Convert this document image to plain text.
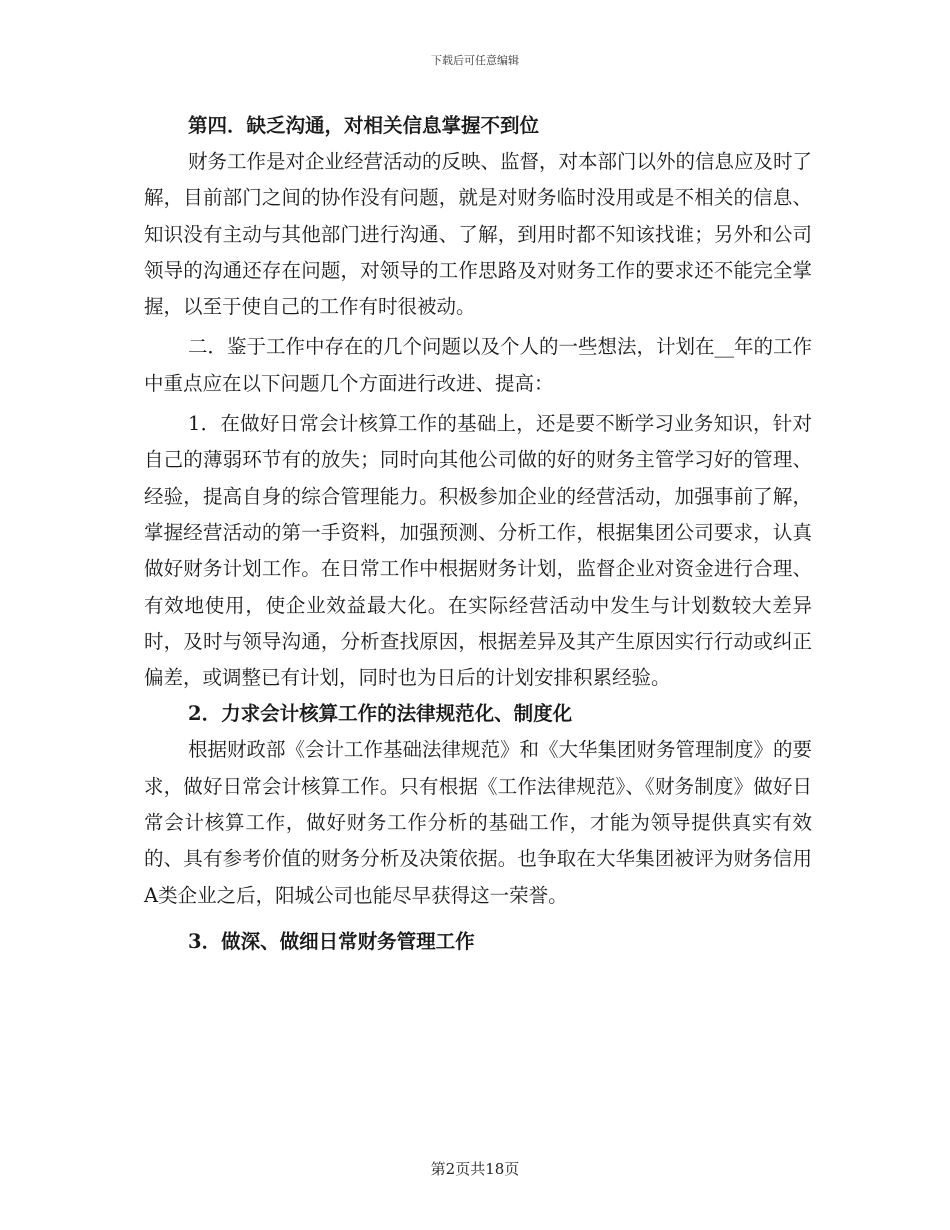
下载后可任意编辑
第四．缺乏沟通，对相关信息掌握不到位

财务工作是对企业经营活动的反映、监督，对本部门以外的信息应及时了解，目前部门之间的协作没有问题，就是对财务临时没用或是不相关的信息、知识没有主动与其他部门进行沟通、了解，到用时都不知该找谁；另外和公司领导的沟通还存在问题，对领导的工作思路及对财务工作的要求还不能完全掌握，以至于使自己的工作有时很被动。

二．鉴于工作中存在的几个问题以及个人的一些想法，计划在__年的工作中重点应在以下问题几个方面进行改进、提高：

1．在做好日常会计核算工作的基础上，还是要不断学习业务知识，针对自己的薄弱环节有的放失；同时向其他公司做的好的财务主管学习好的管理、经验，提高自身的综合管理能力。积极参加企业的经营活动，加强事前了解，掌握经营活动的第一手资料，加强预测、分析工作，根据集团公司要求，认真做好财务计划工作。在日常工作中根据财务计划，监督企业对资金进行合理、有效地使用，使企业效益最大化。在实际经营活动中发生与计划数较大差异时，及时与领导沟通，分析查找原因，根据差异及其产生原因实行行动或纠正偏差，或调整已有计划，同时也为日后的计划安排积累经验。

2．力求会计核算工作的法律规范化、制度化

根据财政部《会计工作基础法律规范》和《大华集团财务管理制度》的要求，做好日常会计核算工作。只有根据《工作法律规范》、《财务制度》做好日常会计核算工作，做好财务工作分析的基础工作，才能为领导提供真实有效的、具有参考价值的财务分析及决策依据。也争取在大华集团被评为财务信用A类企业之后，阳城公司也能尽早获得这一荣誉。

3．做深、做细日常财务管理工作
第2页共18页
